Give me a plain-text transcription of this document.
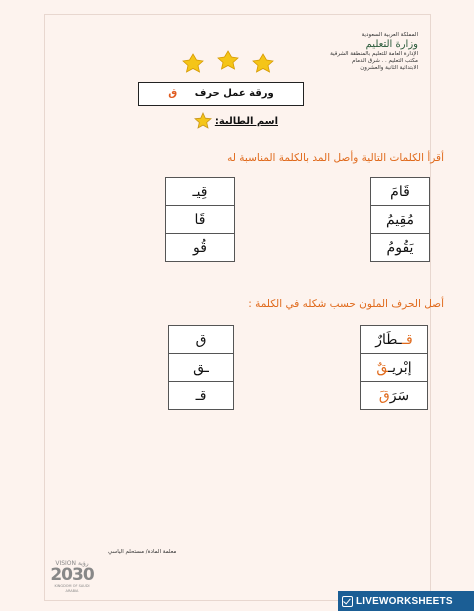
المملكة العربية السعودية
وزارة التعليم
الإدارة العامة للتعليم بالمنطقة الشرقية
مكتب التعليم . . شرق الدمام
الابتدائية الثانية والعشرون
ورقة عمل حرف ق
اسم الطالبة:
أقرأ الكلمات التالية وأصل المد بالكلمة المناسبة له
قَامَ
مُقِيمُ
يَقُومُ
قِيـ
قَا
قُو
أصل الحرف الملون حسب شكله في الكلمة :
قــطَارٌ
إبْريـقٌ
سَرَقَ
ق
ـق
قـ
معلمة المادة/ مستحلم الياسي
VISION رؤية
2030
KINGDOM OF SAUDI ARABIA
LIVEWORKSHEETS
